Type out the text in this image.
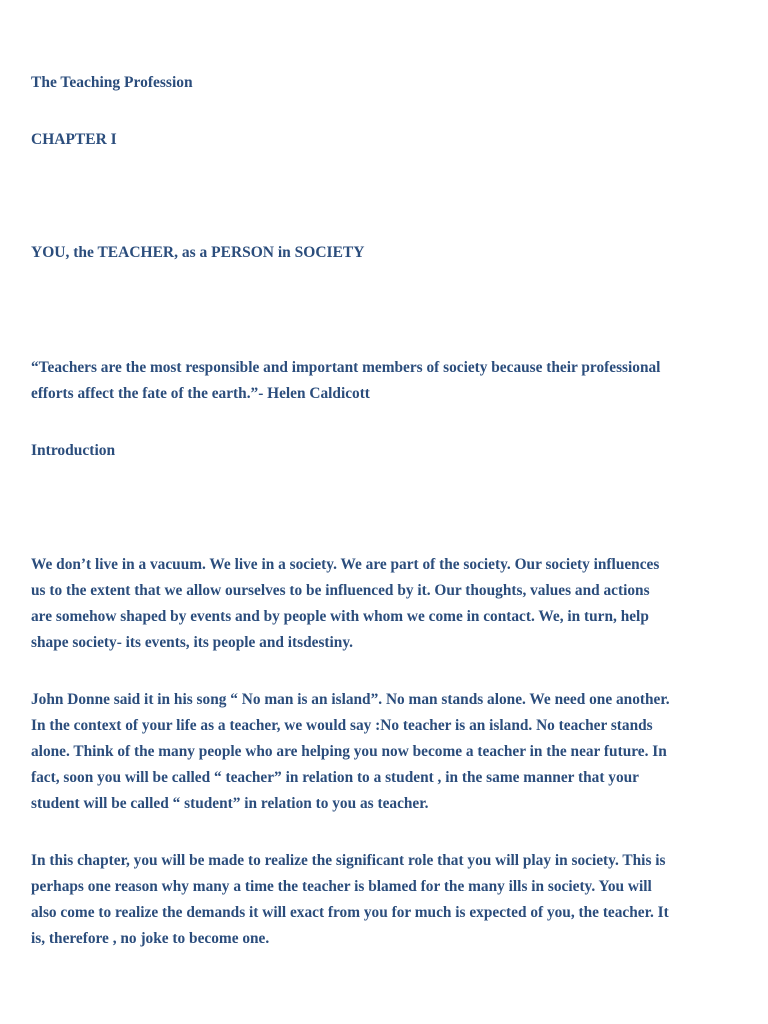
The Teaching Profession

CHAPTER I

YOU, the TEACHER, as a PERSON in SOCIETY

“Teachers are the most responsible and important members of society because their professional
efforts affect the fate of the earth.”- Helen Caldicott

Introduction

We don’t live in a vacuum. We live in a society. We are part of the society. Our society influences
us to the extent that we allow ourselves to be influenced by it. Our thoughts, values and actions
are somehow shaped by events and by people with whom we come in contact. We, in turn, help
shape society- its events, its people and itsdestiny.
John Donne said it in his song “ No man is an island”. No man stands alone. We need one another.
In the context of your life as a teacher, we would say :No teacher is an island. No teacher stands
alone. Think of the many people who are helping you now become a teacher in the near future. In
fact, soon you will be called “ teacher” in relation to a student , in the same manner that your
student will be called “ student” in relation to you as teacher.
In this chapter, you will be made to realize the significant role that you will play in society. This is
perhaps one reason why many a time the teacher is blamed for the many ills in society. You will
also come to realize the demands it will exact from you for much is expected of you, the teacher. It
is, therefore , no joke to become one.
